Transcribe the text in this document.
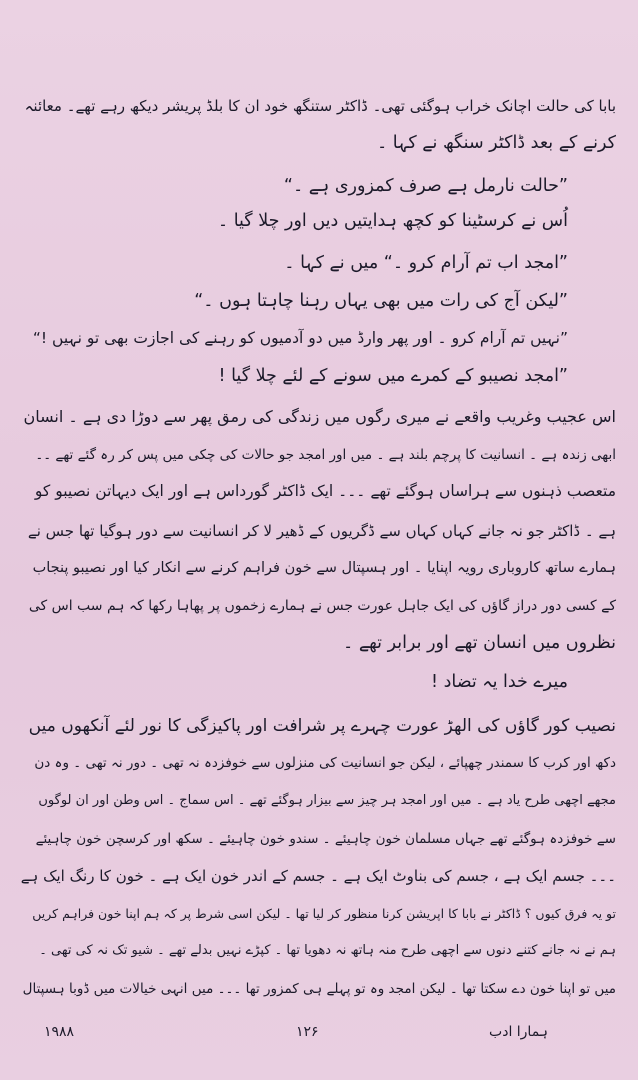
بابا کی حالت اچانک خراب ہوگئی تھی۔ ڈاکٹر ستنگھ خود ان کا بلڈ پریشر دیکھ رہے تھے۔ معائنہ
کرنے کے بعد ڈاکٹر سنگھ نے کہا ۔
”حالت نارمل ہے صرف کمزوری ہے ۔“
اُس نے کرسٹینا کو کچھ ہدایتیں دیں اور چلا گیا ۔
”امجد اب تم آرام کرو ۔“ میں نے کہا ۔
”لیکن آج کی رات میں بھی یہاں رہنا چاہتا ہوں ۔“
”نہیں تم آرام کرو ۔ اور پھر وارڈ میں دو آدمیوں کو رہنے کی اجازت بھی تو نہیں !“
”امجد نصیبو کے کمرے میں سونے کے لئے چلا گیا !
اس عجیب وغریب واقعے نے میری رگوں میں زندگی کی رمق پھر سے دوڑا دی ہے ۔ انسان
ابھی زندہ ہے ۔ انسانیت کا پرچم بلند ہے ۔ میں اور امجد جو حالات کی چکی میں پس کر رہ گئے تھے ۔۔
متعصب ذہنوں سے ہراساں ہوگئے تھے ۔۔۔ ایک ڈاکٹر گورداس ہے اور ایک دیہاتن نصیبو کو
ہے ۔ ڈاکٹر جو نہ جانے کہاں کہاں سے ڈگریوں کے ڈھیر لا کر انسانیت سے دور ہوگیا تھا جس نے
ہمارے ساتھ کاروباری رویہ اپنایا ۔ اور ہسپتال سے خون فراہم کرنے سے انکار کیا اور نصیبو پنجاب
کے کسی دور دراز گاؤں کی ایک جاہل عورت جس نے ہمارے زخموں پر پھاہا رکھا کہ ہم سب اس کی
نظروں میں انسان تھے اور برابر تھے ۔
میرے خدا یہ تضاد !
نصیب کور گاؤں کی الھڑ عورت چہرے پر شرافت اور پاکیزگی کا نور لئے آنکھوں میں
دکھ اور کرب کا سمندر چھپائے ، لیکن جو انسانیت کی منزلوں سے خوفزدہ نہ تھی ۔ دور نہ تھی ۔ وہ دن
مجھے اچھی طرح یاد ہے ۔ میں اور امجد ہر چیز سے بیزار ہوگئے تھے ۔ اس سماج ۔ اس وطن اور ان لوگوں
سے خوفزدہ ہوگئے تھے جہاں مسلمان خون چاہیئے ۔ سندو خون چاہیئے ۔ سکھ اور کرسچن خون چاہیئے
۔۔۔ جسم ایک ہے ، جسم کی بناوٹ ایک ہے ۔ جسم کے اندر خون ایک ہے ۔ خون کا رنگ ایک ہے
تو یہ فرق کیوں ؟ ڈاکٹر نے بابا کا اپریشن کرنا منظور کر لیا تھا ۔ لیکن اسی شرط پر کہ ہم اپنا خون فراہم کریں
ہم نے نہ جانے کتنے دنوں سے اچھی طرح منہ ہاتھ نہ دھویا تھا ۔ کپڑے نہیں بدلے تھے ۔ شیو تک نہ کی تھی ۔
میں تو اپنا خون دے سکتا تھا ۔ لیکن امجد وہ تو پہلے ہی کمزور تھا ۔۔۔ میں انہی خیالات میں ڈوبا ہسپتال
۱۹۸۸	۱۲۶	ہمارا ادب
